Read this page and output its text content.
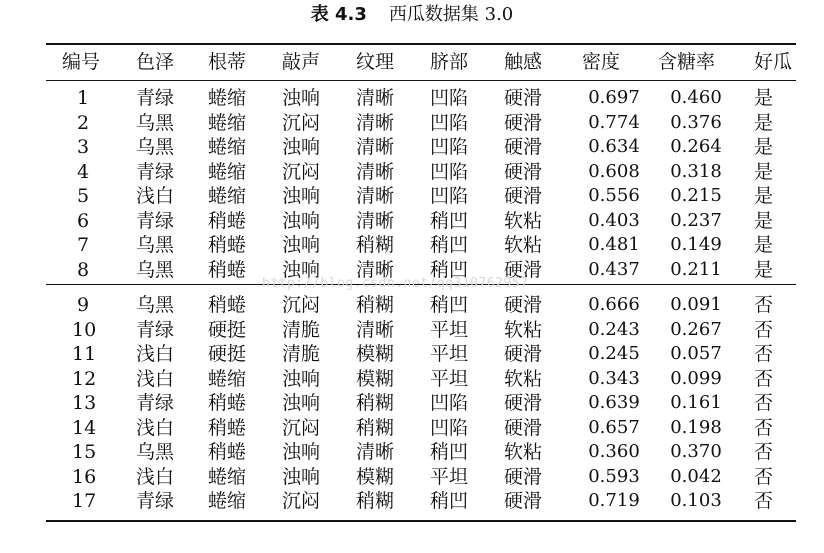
表 4.3 西瓜数据集 3.0
编号 色泽 根蒂 敲声 纹理 脐部 触感 密度 含糖率 好瓜
1 青绿 蜷缩 浊响 清晰 凹陷 硬滑	0.697	0.460	是
2 乌黑 蜷缩 沉闷 清晰 凹陷 硬滑	0.774	0.376	是
3 乌黑 蜷缩 浊响 清晰 凹陷 硬滑	0.634	0.264	是
4 青绿 蜷缩 沉闷 清晰 凹陷 硬滑	0.608	0.318	是
5 浅白 蜷缩 浊响 清晰 凹陷 硬滑	0.556	0.215	是
6 青绿 稍蜷 浊响 清晰 稍凹 软粘	0.403	0.237	是
7 乌黑 稍蜷 浊响 稍糊 稍凹 软粘	0.481	0.149	是
8 乌黑 稍蜷 浊响 清晰 稍凹 硬滑	0.437	0.211	是
9 乌黑 稍蜷 沉闷 稍糊 稍凹 硬滑	0.666	0.091	否
10 青绿 硬挺 清脆 清晰 平坦 软粘	0.243	0.267	否
11 浅白 硬挺 清脆 模糊 平坦 硬滑	0.245	0.057	否
12 浅白 蜷缩 浊响 模糊 平坦 软粘	0.343	0.099	否
13 青绿 稍蜷 浊响 稍糊 凹陷 硬滑	0.639	0.161	否
14 浅白 稍蜷 沉闷 稍糊 凹陷 硬滑	0.657	0.198	否
15 乌黑 稍蜷 浊响 清晰 稍凹 软粘	0.360	0.370	否
16 浅白 蜷缩 浊响 模糊 平坦 硬滑	0.593	0.042	否
17 青绿 蜷缩 沉闷 稍糊 稍凹 硬滑	0.719	0.103	否
http://blog.csdn.net/qq310762957
